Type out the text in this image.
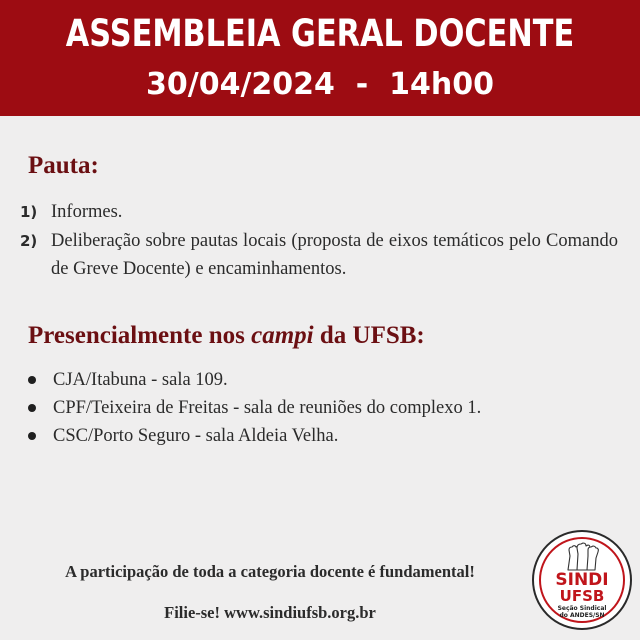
ASSEMBLEIA GERAL DOCENTE
30/04/2024  -  14h00
Pauta:
1) Informes.
2) Deliberação sobre pautas locais (proposta de eixos temáticos pelo Comando de Greve Docente) e encaminhamentos.
Presencialmente nos campi da UFSB:
CJA/Itabuna - sala 109.
CPF/Teixeira de Freitas - sala de reuniões do complexo 1.
CSC/Porto Seguro - sala Aldeia Velha.
A participação de toda a categoria docente é fundamental!
Filie-se! www.sindiufsb.org.br
SINDI
UFSB
Seção Sindical
do ANDES/SN
